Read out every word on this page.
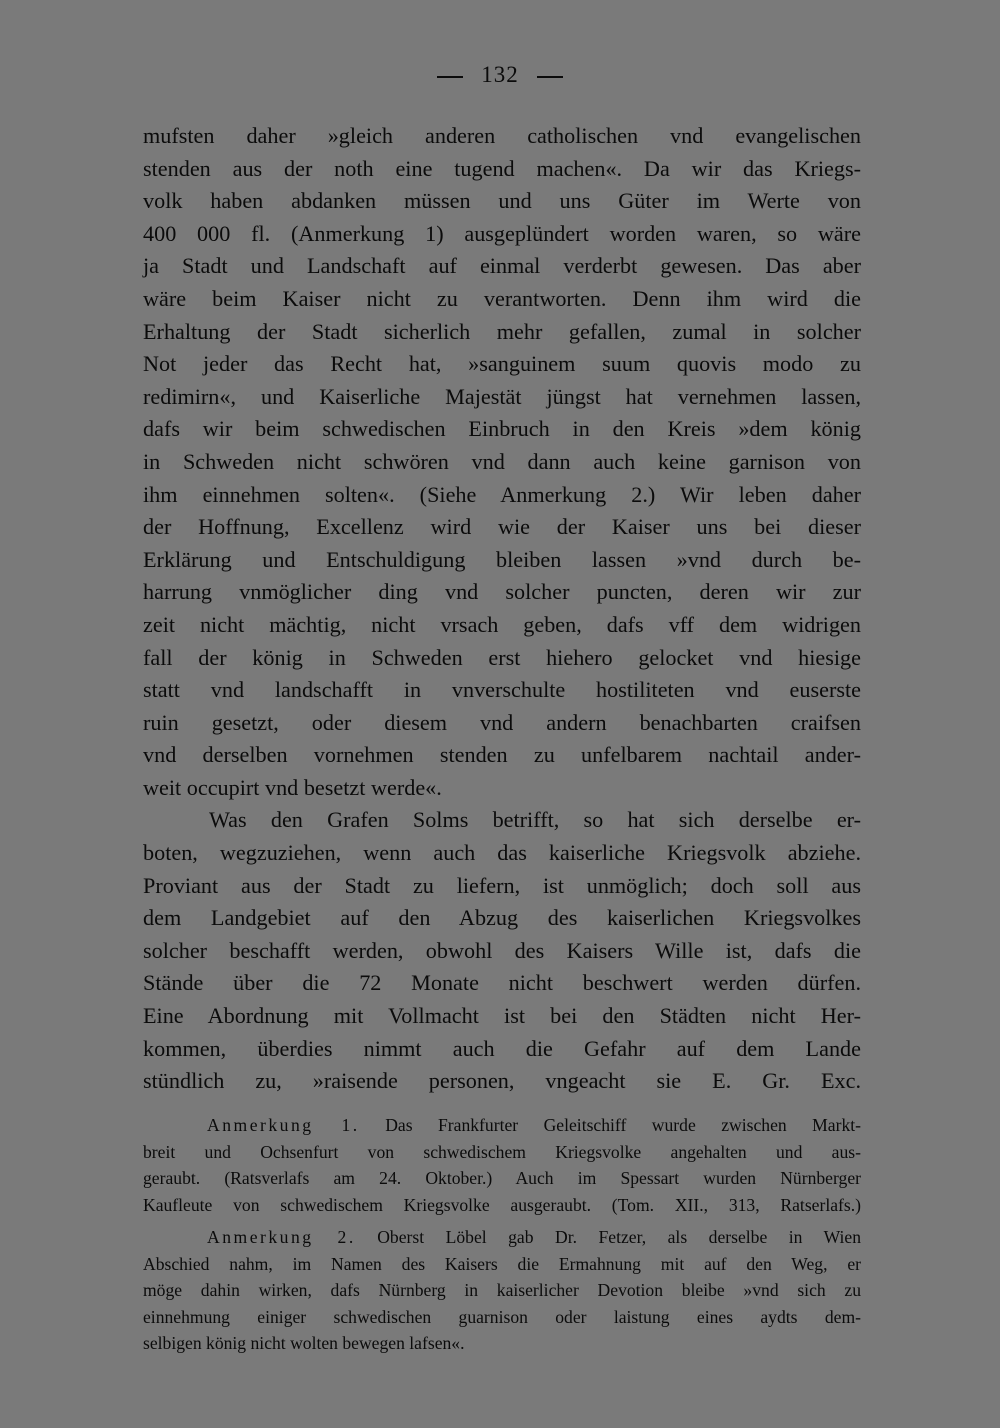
132
mufsten daher »gleich anderen catholischen vnd evangelischen
stenden aus der noth eine tugend machen«. Da wir das Kriegs-
volk haben abdanken müssen und uns Güter im Werte von
400 000 fl. (Anmerkung 1) ausgeplündert worden waren, so wäre
ja Stadt und Landschaft auf einmal verderbt gewesen. Das aber
wäre beim Kaiser nicht zu verantworten. Denn ihm wird die
Erhaltung der Stadt sicherlich mehr gefallen, zumal in solcher
Not jeder das Recht hat, »sanguinem suum quovis modo zu
redimirn«, und Kaiserliche Majestät jüngst hat vernehmen lassen,
dafs wir beim schwedischen Einbruch in den Kreis »dem könig
in Schweden nicht schwören vnd dann auch keine garnison von
ihm einnehmen solten«. (Siehe Anmerkung 2.) Wir leben daher
der Hoffnung, Excellenz wird wie der Kaiser uns bei dieser
Erklärung und Entschuldigung bleiben lassen »vnd durch be-
harrung vnmöglicher ding vnd solcher puncten, deren wir zur
zeit nicht mächtig, nicht vrsach geben, dafs vff dem widrigen
fall der könig in Schweden erst hiehero gelocket vnd hiesige
statt vnd landschafft in vnverschulte hostiliteten vnd euserste
ruin gesetzt, oder diesem vnd andern benachbarten craifsen
vnd derselben vornehmen stenden zu unfelbarem nachtail ander-
weit occupirt vnd besetzt werde«.
Was den Grafen Solms betrifft, so hat sich derselbe er-
boten, wegzuziehen, wenn auch das kaiserliche Kriegsvolk abziehe.
Proviant aus der Stadt zu liefern, ist unmöglich; doch soll aus
dem Landgebiet auf den Abzug des kaiserlichen Kriegsvolkes
solcher beschafft werden, obwohl des Kaisers Wille ist, dafs die
Stände über die 72 Monate nicht beschwert werden dürfen.
Eine Abordnung mit Vollmacht ist bei den Städten nicht Her-
kommen, überdies nimmt auch die Gefahr auf dem Lande
stündlich zu, »raisende personen, vngeacht sie E. Gr. Exc.
Anmerkung 1. Das Frankfurter Geleitschiff wurde zwischen Markt-
breit und Ochsenfurt von schwedischem Kriegsvolke angehalten und aus-
geraubt. (Ratsverlafs am 24. Oktober.) Auch im Spessart wurden Nürnberger
Kaufleute von schwedischem Kriegsvolke ausgeraubt. (Tom. XII., 313, Ratserlafs.)
Anmerkung 2. Oberst Löbel gab Dr. Fetzer, als derselbe in Wien
Abschied nahm, im Namen des Kaisers die Ermahnung mit auf den Weg, er
möge dahin wirken, dafs Nürnberg in kaiserlicher Devotion bleibe »vnd sich zu
einnehmung einiger schwedischen guarnison oder laistung eines aydts dem-
selbigen könig nicht wolten bewegen lafsen«.
